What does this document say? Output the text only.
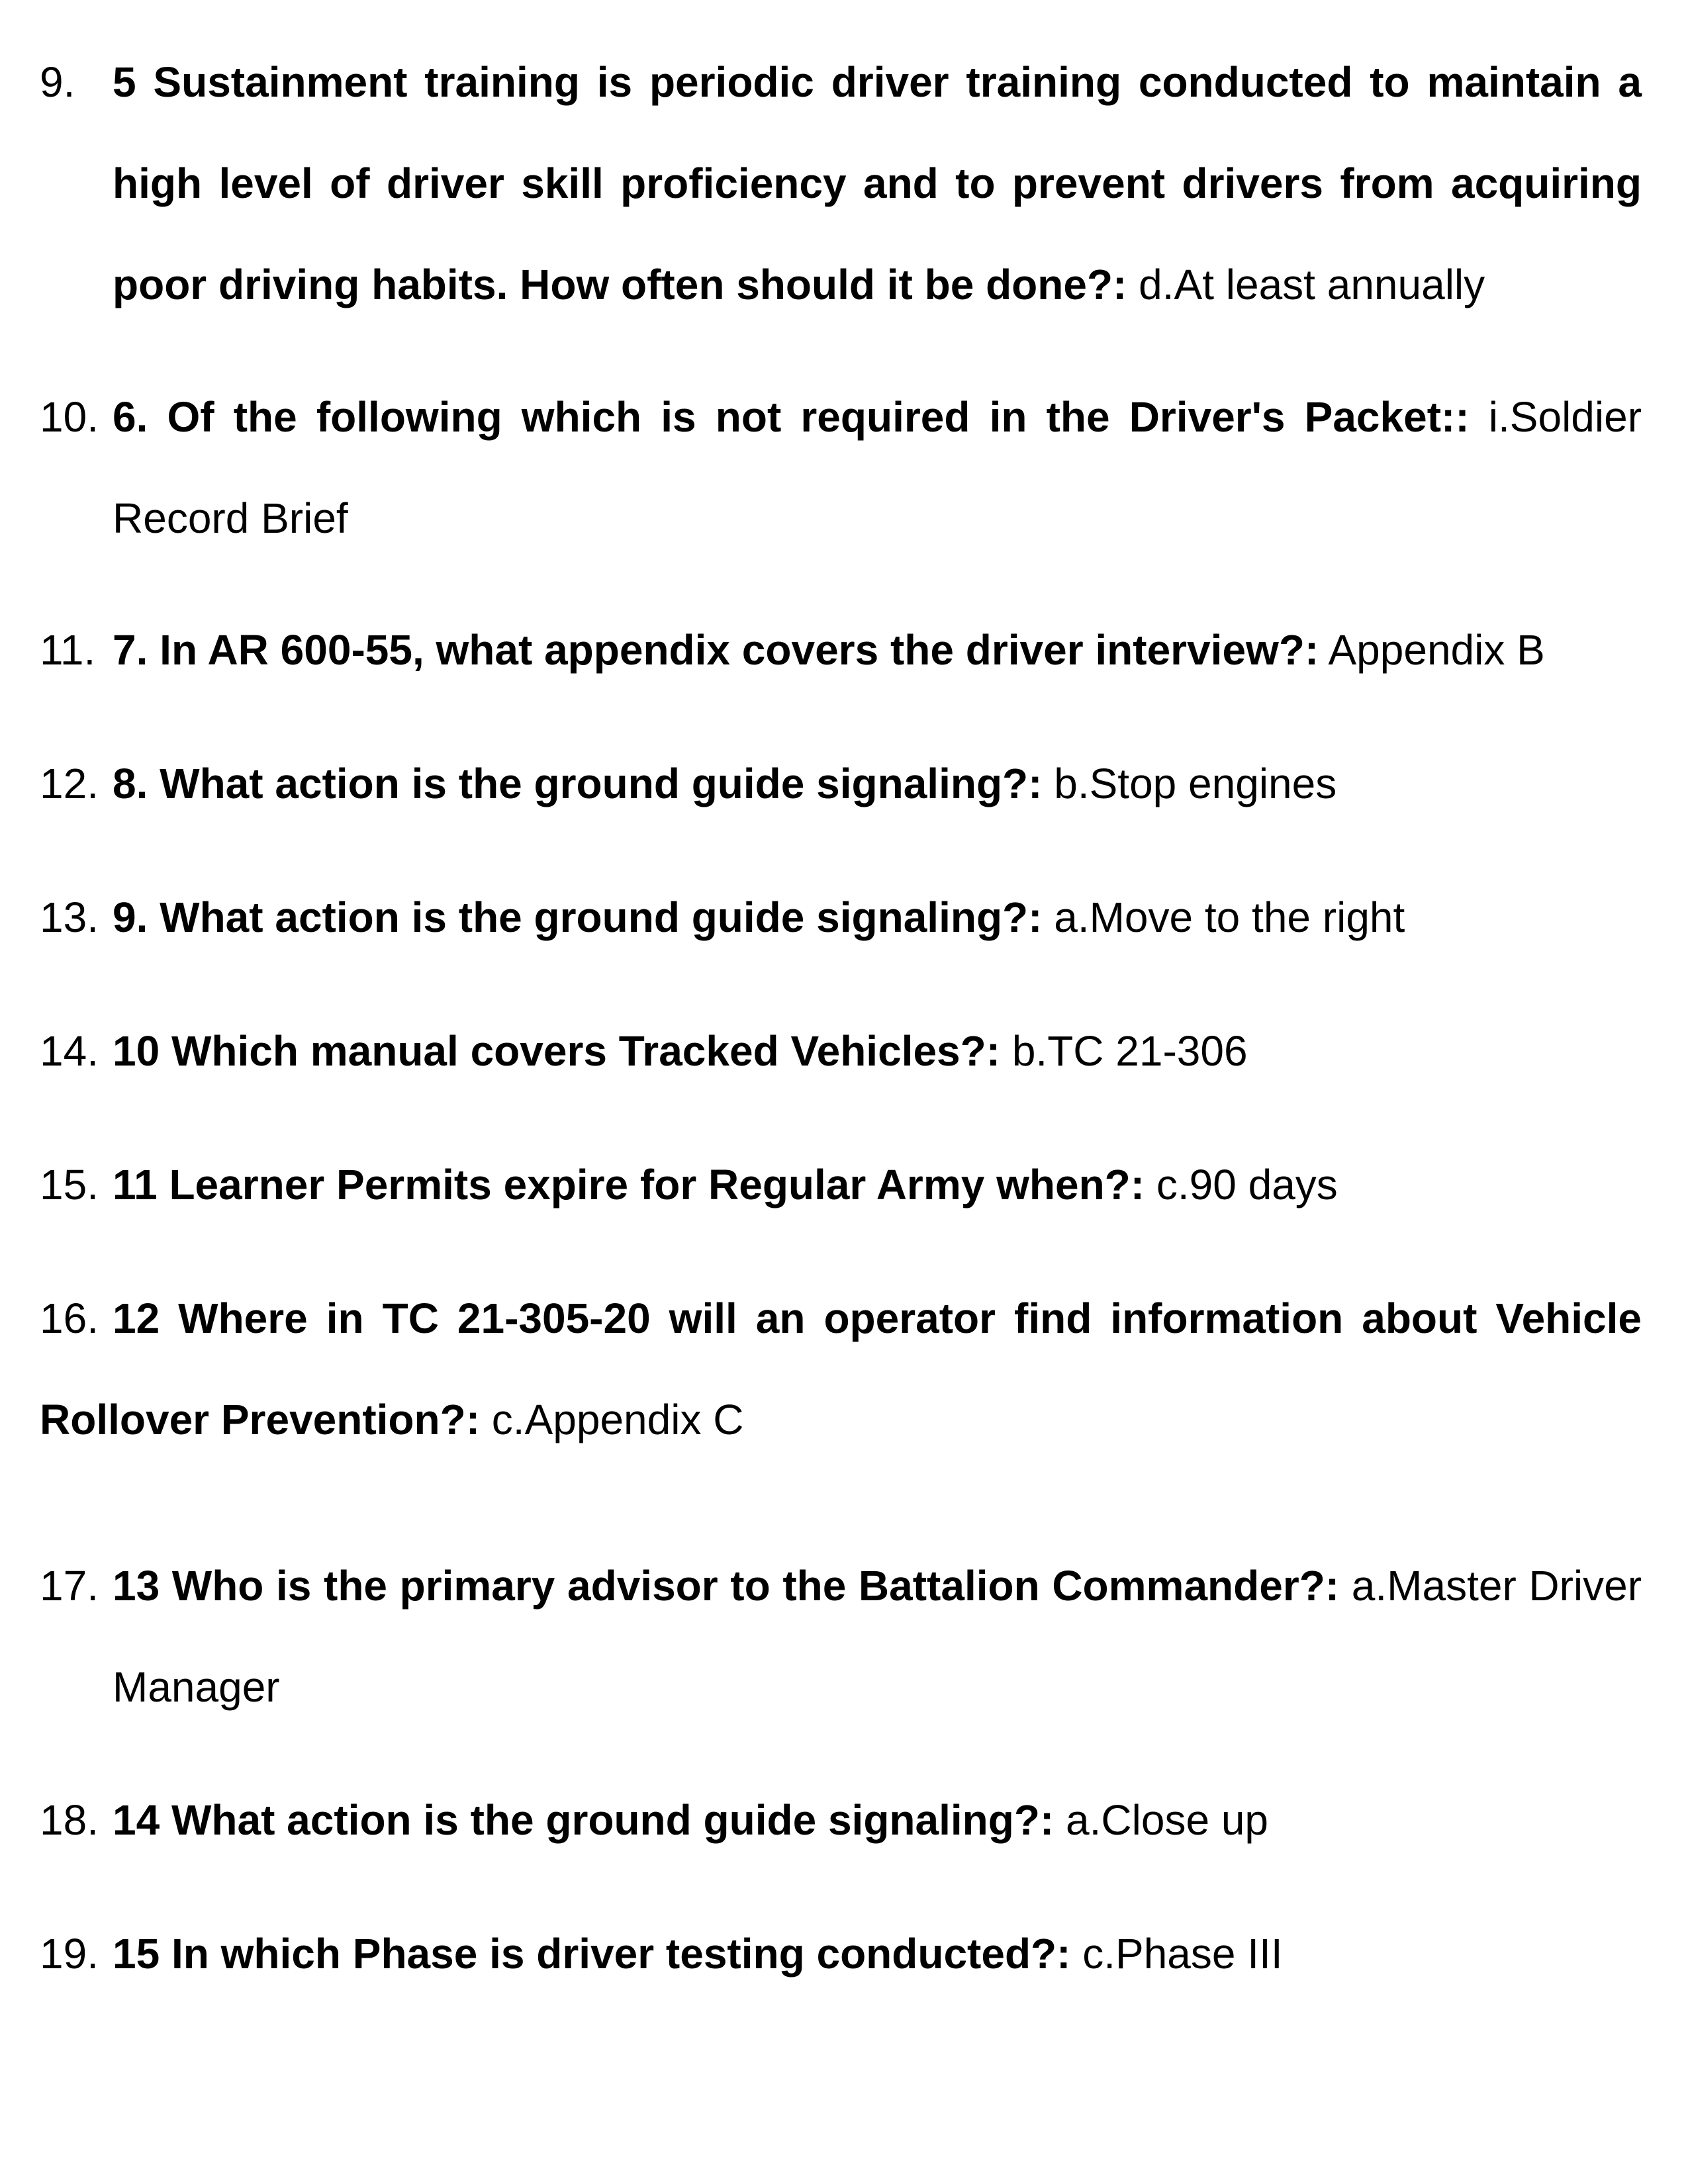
9. 5 Sustainment training is periodic driver training conducted to maintain a high level of driver skill proficiency and to prevent drivers from acquiring poor driving habits. How often should it be done?: d.At least annually
10. 6. Of the following which is not required in the Driver's Packet:: i.Soldier Record Brief
11. 7. In AR 600-55, what appendix covers the driver interview?: Appendix B
12. 8. What action is the ground guide signaling?: b.Stop engines
13. 9. What action is the ground guide signaling?: a.Move to the right
14. 10 Which manual covers Tracked Vehicles?: b.TC 21-306
15. 11 Learner Permits expire for Regular Army when?: c.90 days
16. 12 Where in TC 21-305-20 will an operator find information about Vehicle Rollover Prevention?: c.Appendix C
17. 13 Who is the primary advisor to the Battalion Commander?: a.Master Driver Manager
18. 14 What action is the ground guide signaling?: a.Close up
19. 15 In which Phase is driver testing conducted?: c.Phase III
